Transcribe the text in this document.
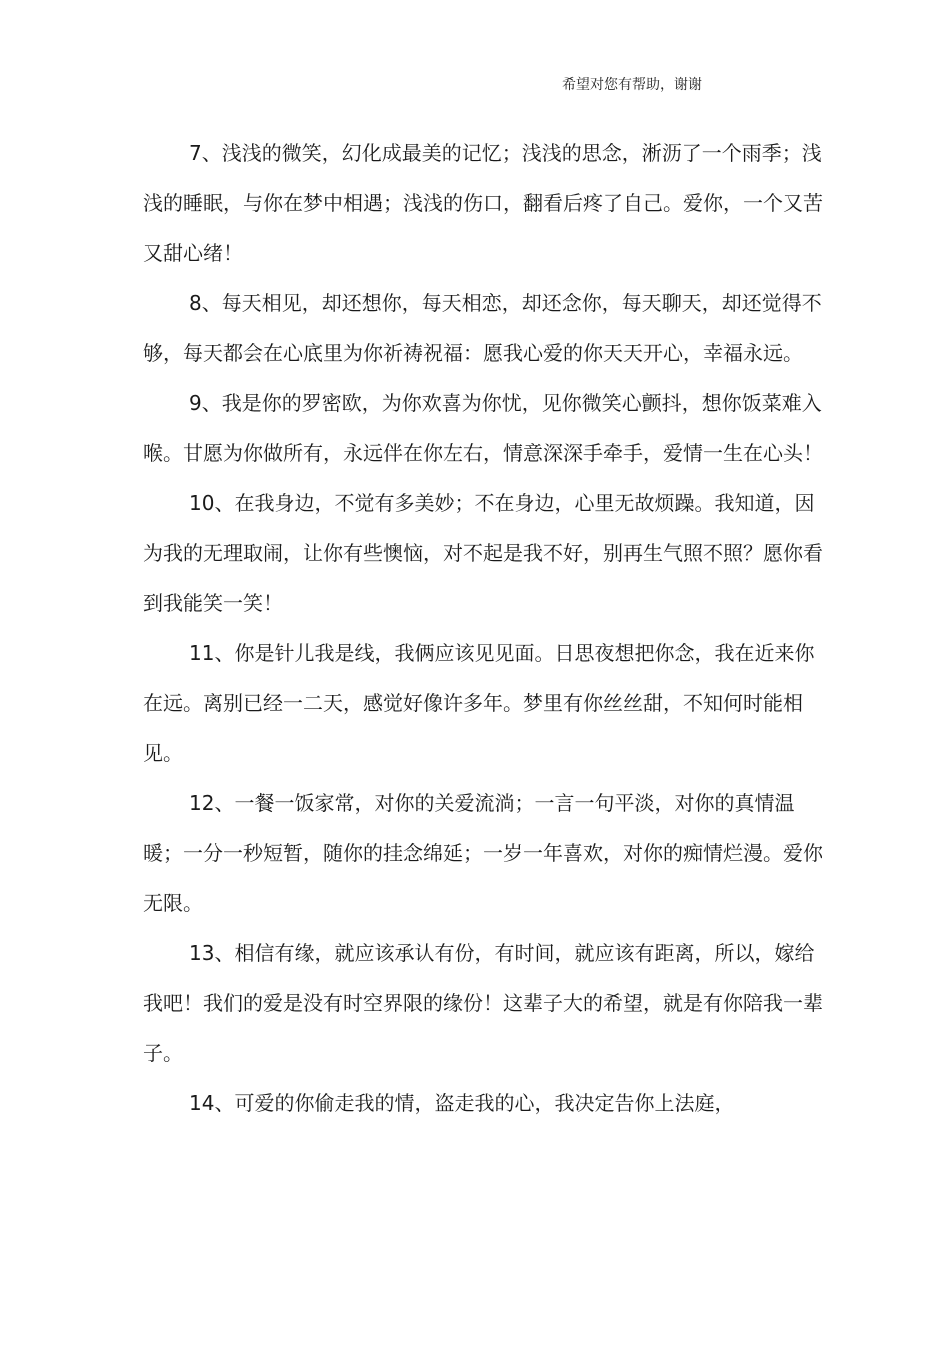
希望对您有帮助，谢谢

7、浅浅的微笑，幻化成最美的记忆；浅浅的思念，淅沥了一个雨季；浅浅的睡眠，与你在梦中相遇；浅浅的伤口，翻看后疼了自己。爱你，一个又苦又甜心绪！

8、每天相见，却还想你，每天相恋，却还念你，每天聊天，却还觉得不够，每天都会在心底里为你祈祷祝福：愿我心爱的你天天开心，幸福永远。

9、我是你的罗密欧，为你欢喜为你忧，见你微笑心颤抖，想你饭菜难入喉。甘愿为你做所有，永远伴在你左右，情意深深手牵手，爱情一生在心头！

10、在我身边，不觉有多美妙；不在身边，心里无故烦躁。我知道，因为我的无理取闹，让你有些懊恼，对不起是我不好，别再生气照不照？愿你看到我能笑一笑！

11、你是针儿我是线，我俩应该见见面。日思夜想把你念，我在近来你在远。离别已经一二天，感觉好像许多年。梦里有你丝丝甜，不知何时能相见。

12、一餐一饭家常，对你的关爱流淌；一言一句平淡，对你的真情温暖；一分一秒短暂，随你的挂念绵延；一岁一年喜欢，对你的痴情烂漫。爱你无限。

13、相信有缘，就应该承认有份，有时间，就应该有距离，所以，嫁给我吧！我们的爱是没有时空界限的缘份！这辈子大的希望，就是有你陪我一辈子。

14、可爱的你偷走我的情，盗走我的心，我决定告你上法庭，
